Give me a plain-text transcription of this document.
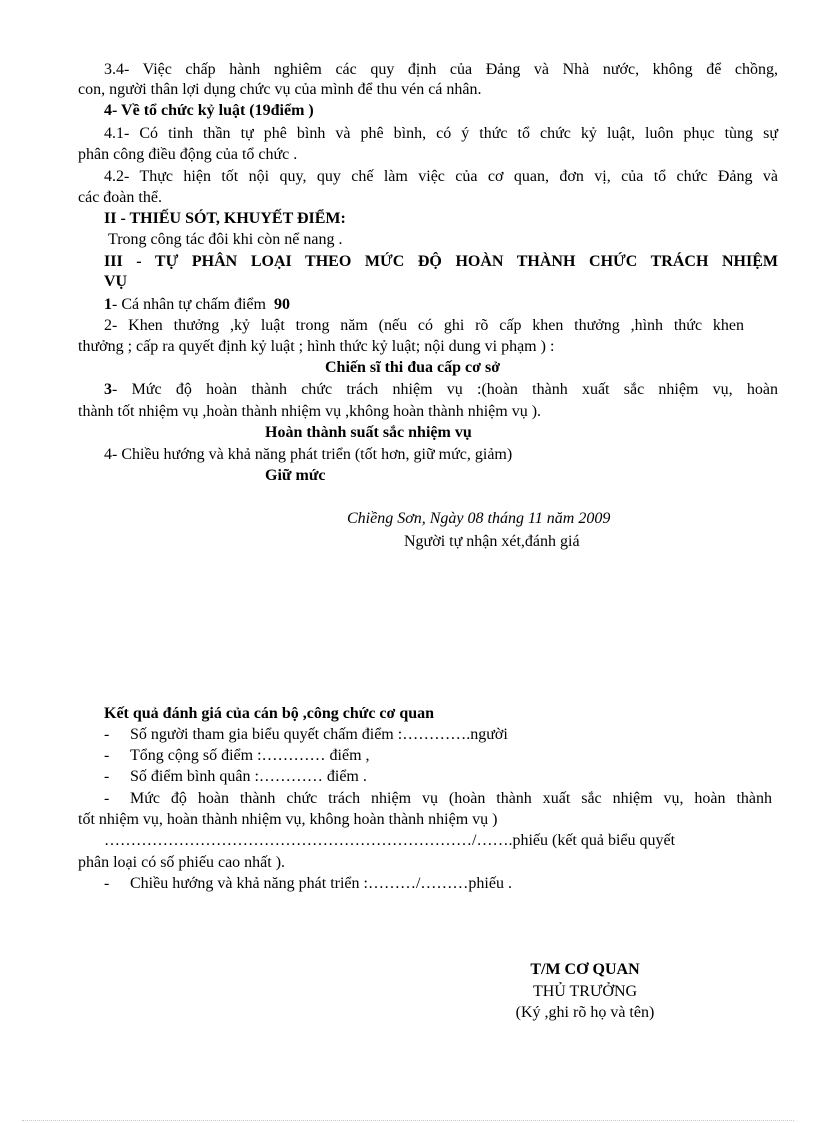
3.4- Việc chấp hành nghiêm các quy định của Đảng và Nhà nước, không để chồng,
con, người thân lợi dụng chức vụ của mình để thu vén cá nhân.
4- Về tổ chức kỷ luật (19điểm )
4.1- Có tinh thần tự phê bình và phê bình, có ý thức tổ chức kỷ luật, luôn phục tùng sự
phân công điều động của tổ chức .
4.2- Thực hiện tốt nội quy, quy chế làm việc của cơ quan, đơn vị, của tổ chức Đảng và
các đoàn thể.
II - THIẾU SÓT, KHUYẾT ĐIỂM:
Trong công tác đôi khi còn nể nang .
III - TỰ PHÂN LOẠI THEO MỨC ĐỘ HOÀN THÀNH CHỨC TRÁCH NHIỆM
VỤ
1- Cá nhân tự chấm điểm 90
2- Khen thưởng ,kỷ luật trong năm (nếu có ghi rõ cấp khen thưởng ,hình thức khen
thưởng ; cấp ra quyết định kỷ luật ; hình thức kỷ luật; nội dung vi phạm ) :
Chiến sĩ thi đua cấp cơ sở
3- Mức độ hoàn thành chức trách nhiệm vụ :(hoàn thành xuất sắc nhiệm vụ, hoàn
thành tốt nhiệm vụ ,hoàn thành nhiệm vụ ,không hoàn thành nhiệm vụ ).
Hoàn thành suất sắc nhiệm vụ
4- Chiều hướng và khả năng phát triển (tốt hơn, giữ mức, giảm)
Giữ mức
Chiềng Sơn, Ngày 08 tháng 11 năm 2009
Người tự nhận xét,đánh giá
Kết quả đánh giá của cán bộ ,công chức cơ quan
- Số người tham gia biểu quyết chấm điểm :………….người
- Tổng cộng số điểm :………… điểm ,
- Số điểm bình quân :………… điểm .
- Mức độ hoàn thành chức trách nhiệm vụ (hoàn thành xuất sắc nhiệm vụ, hoàn thành
tốt nhiệm vụ, hoàn thành nhiệm vụ, không hoàn thành nhiệm vụ )
……………………………………………………………/…….phiếu (kết quả biểu quyết
phân loại có số phiếu cao nhất ).
- Chiều hướng và khả năng phát triển :………/………phiếu .
T/M CƠ QUAN
THỦ TRƯỞNG
(Ký ,ghi rõ họ và tên)
